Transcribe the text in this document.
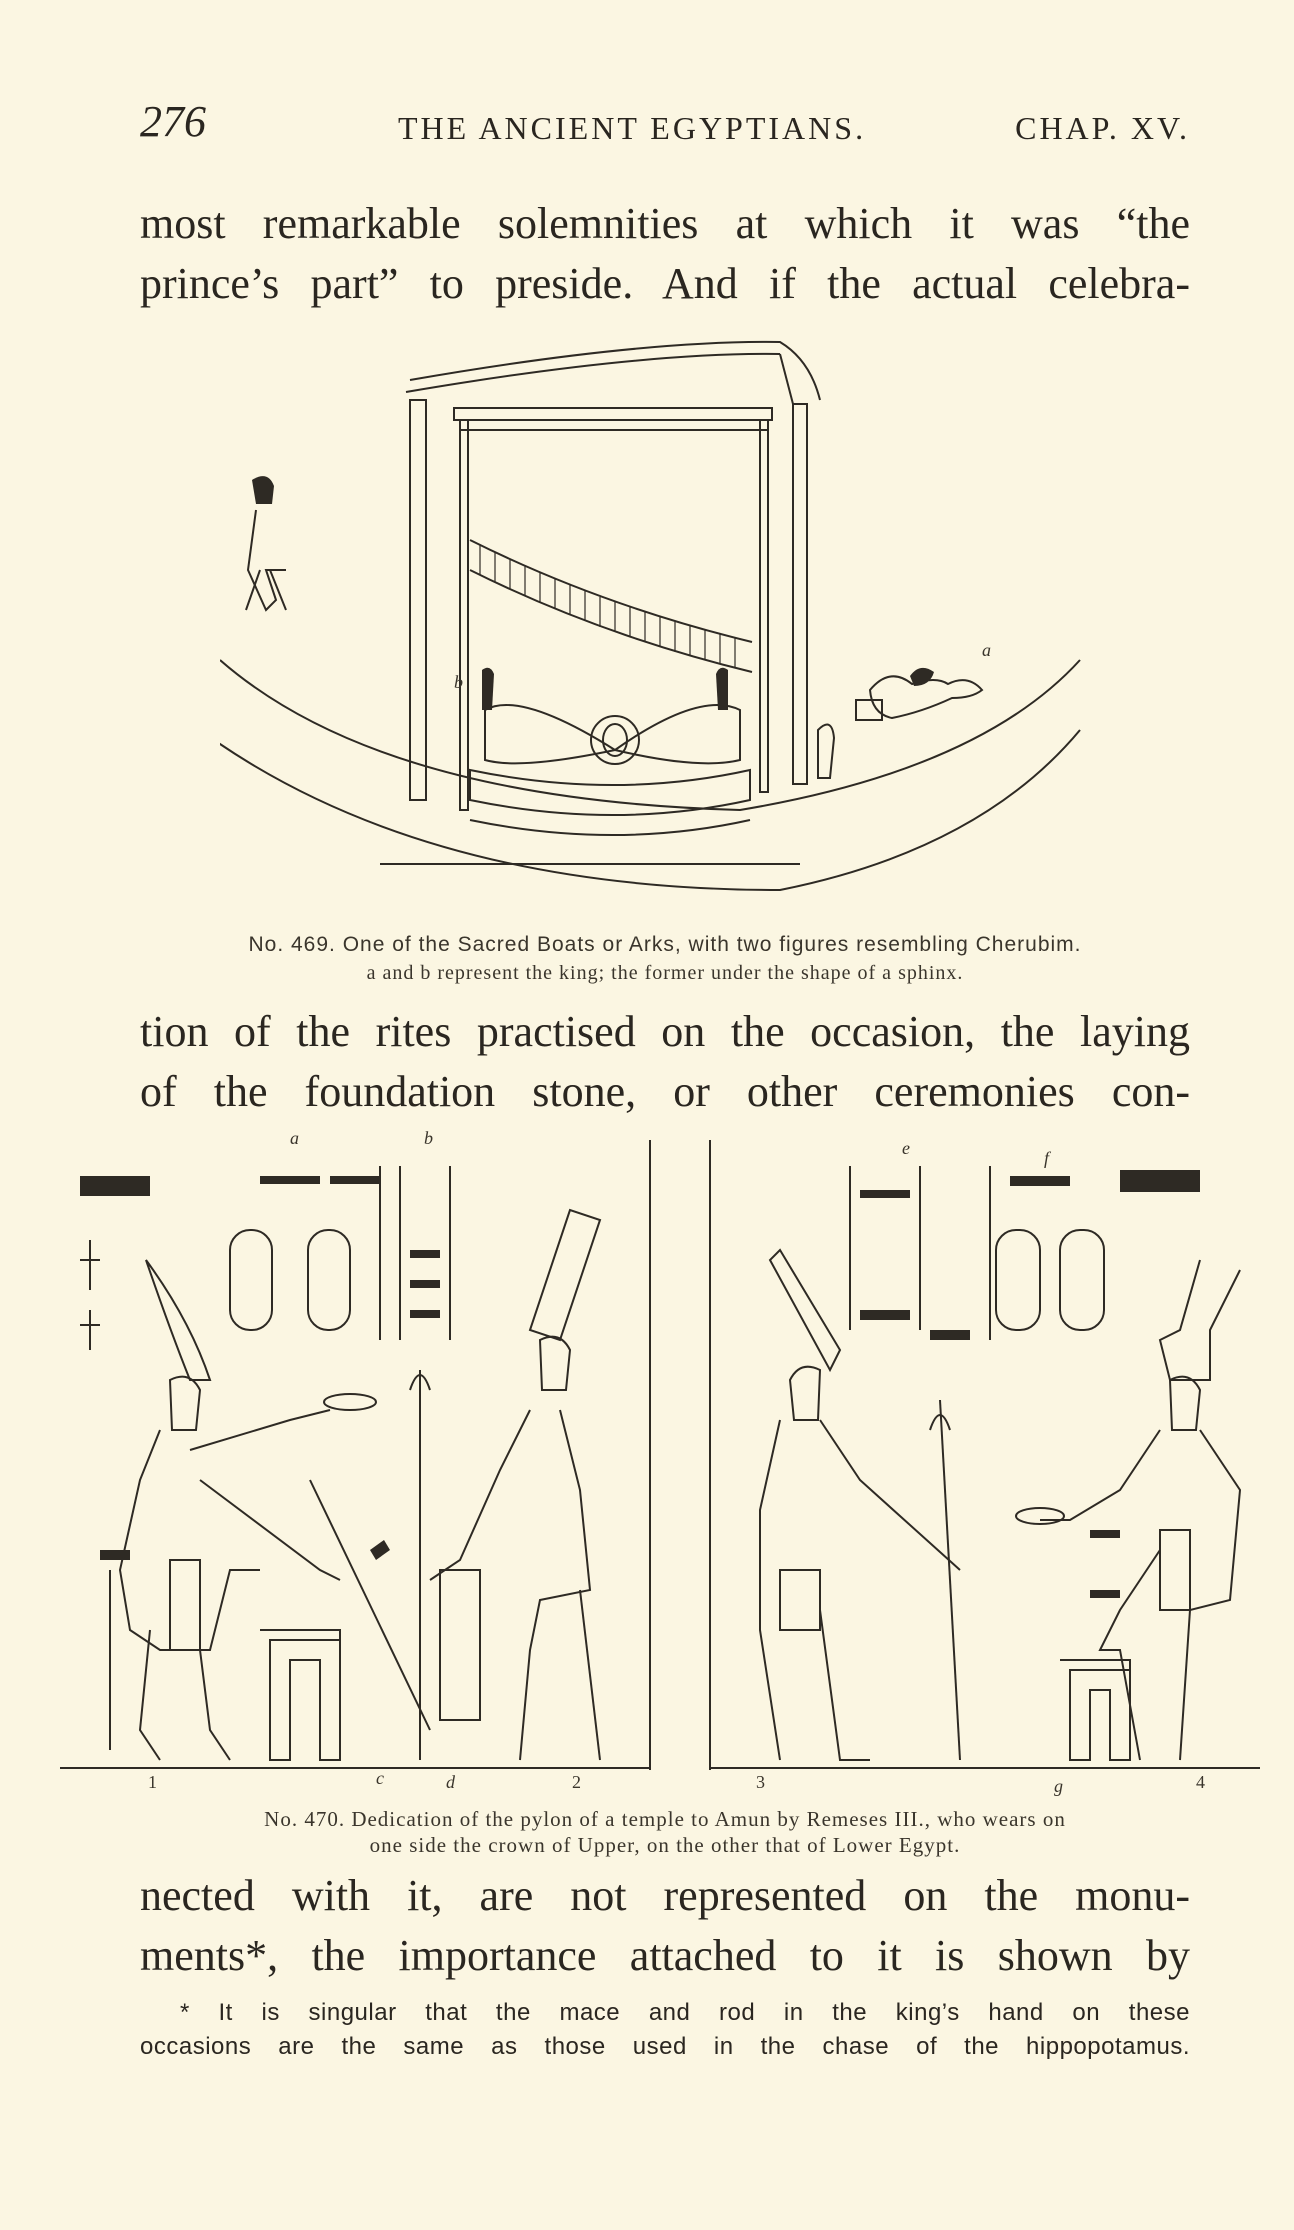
276	THE ANCIENT EGYPTIANS.	CHAP. XV.
most remarkable solemnities at which it was “the
prince’s part” to preside. And if the actual celebra-
b
a
No. 469. One of the Sacred Boats or Arks, with two figures resembling Cherubim.
a and b represent the king; the former under the shape of a sphinx.
tion of the rites practised on the occasion, the laying
of the foundation stone, or other ceremonies con-
a	b	e	f
1	c	d	2	3	g	4
No. 470. Dedication of the pylon of a temple to Amun by Remeses III., who wears on
one side the crown of Upper, on the other that of Lower Egypt.
nected with it, are not represented on the monu-
ments*, the importance attached to it is shown by
* It is singular that the mace and rod in the king’s hand on these
occasions are the same as those used in the chase of the hippopotamus.
